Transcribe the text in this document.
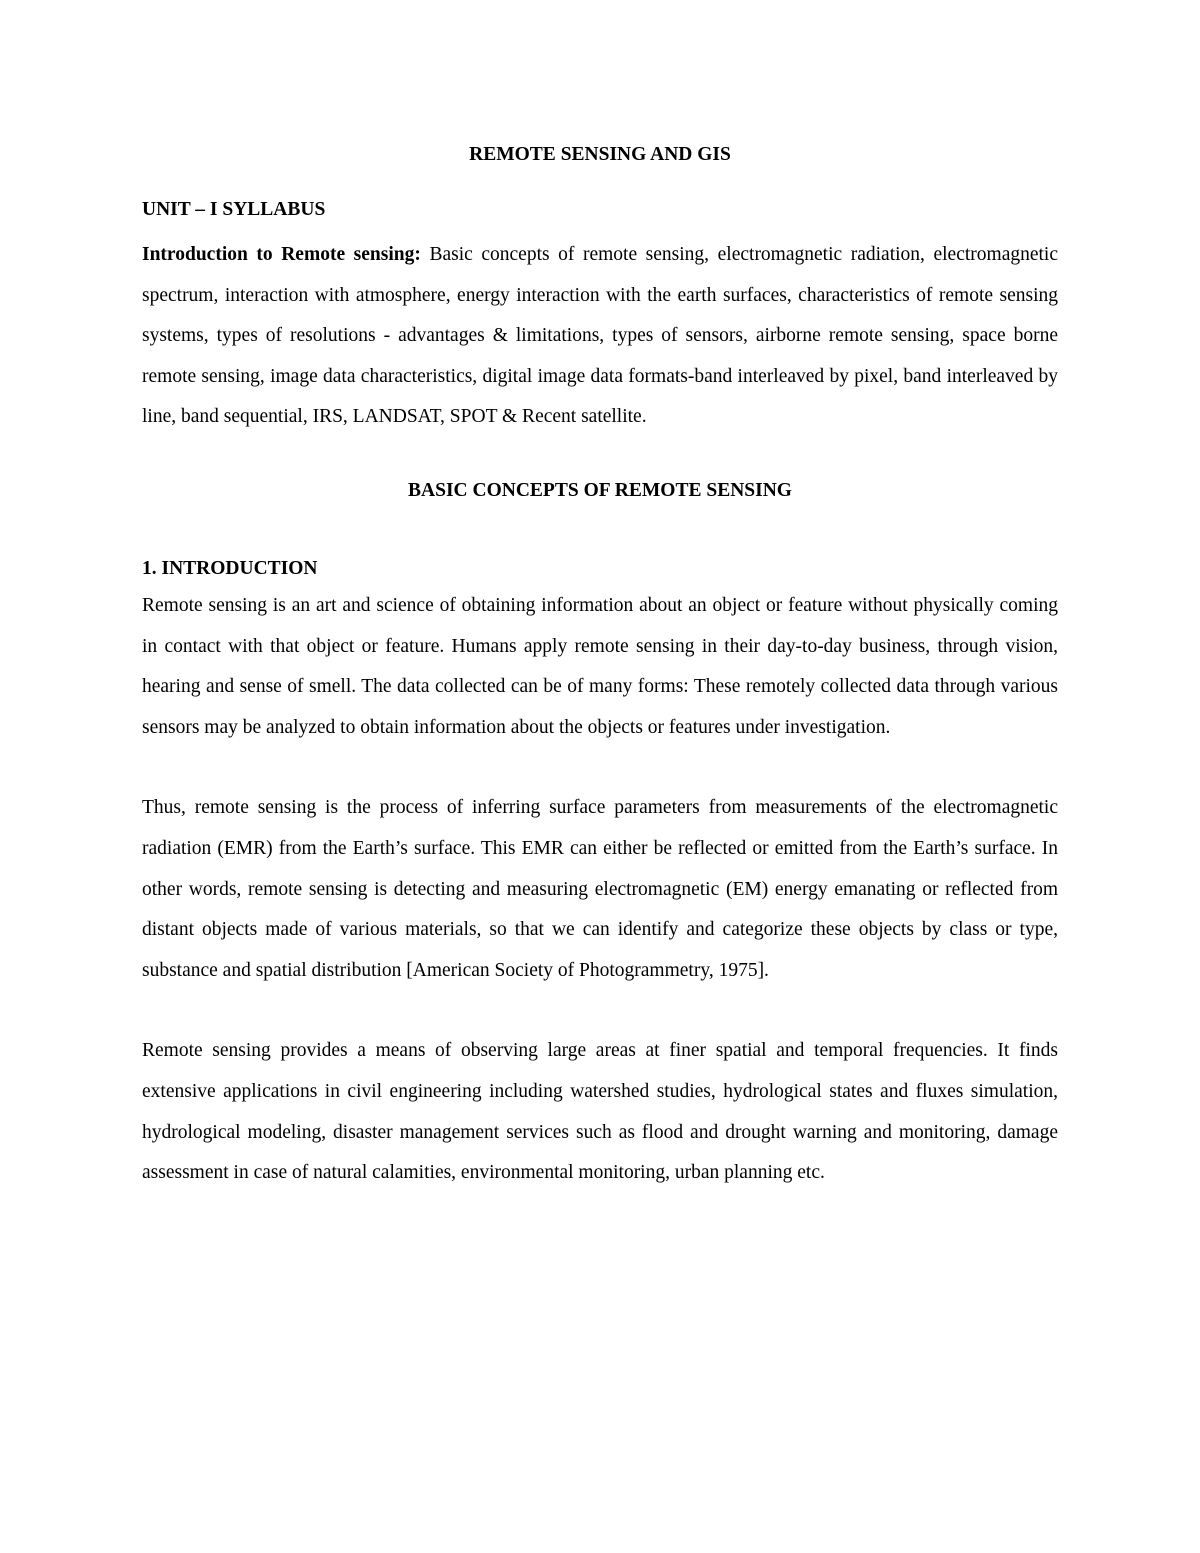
REMOTE SENSING AND GIS
UNIT – I SYLLABUS

Introduction to Remote sensing: Basic concepts of remote sensing, electromagnetic radiation, electromagnetic spectrum, interaction with atmosphere, energy interaction with the earth surfaces, characteristics of remote sensing systems, types of resolutions - advantages & limitations, types of sensors, airborne remote sensing, space borne remote sensing, image data characteristics, digital image data formats-band interleaved by pixel, band interleaved by line, band sequential, IRS, LANDSAT, SPOT & Recent satellite.

BASIC CONCEPTS OF REMOTE SENSING
1. INTRODUCTION

Remote sensing is an art and science of obtaining information about an object or feature without physically coming in contact with that object or feature. Humans apply remote sensing in their day-to-day business, through vision, hearing and sense of smell. The data collected can be of many forms: These remotely collected data through various sensors may be analyzed to obtain information about the objects or features under investigation.

Thus, remote sensing is the process of inferring surface parameters from measurements of the electromagnetic radiation (EMR) from the Earth’s surface. This EMR can either be reflected or emitted from the Earth’s surface. In other words, remote sensing is detecting and measuring electromagnetic (EM) energy emanating or reflected from distant objects made of various materials, so that we can identify and categorize these objects by class or type, substance and spatial distribution [American Society of Photogrammetry, 1975].

Remote sensing provides a means of observing large areas at finer spatial and temporal frequencies. It finds extensive applications in civil engineering including watershed studies, hydrological states and fluxes simulation, hydrological modeling, disaster management services such as flood and drought warning and monitoring, damage assessment in case of natural calamities, environmental monitoring, urban planning etc.
